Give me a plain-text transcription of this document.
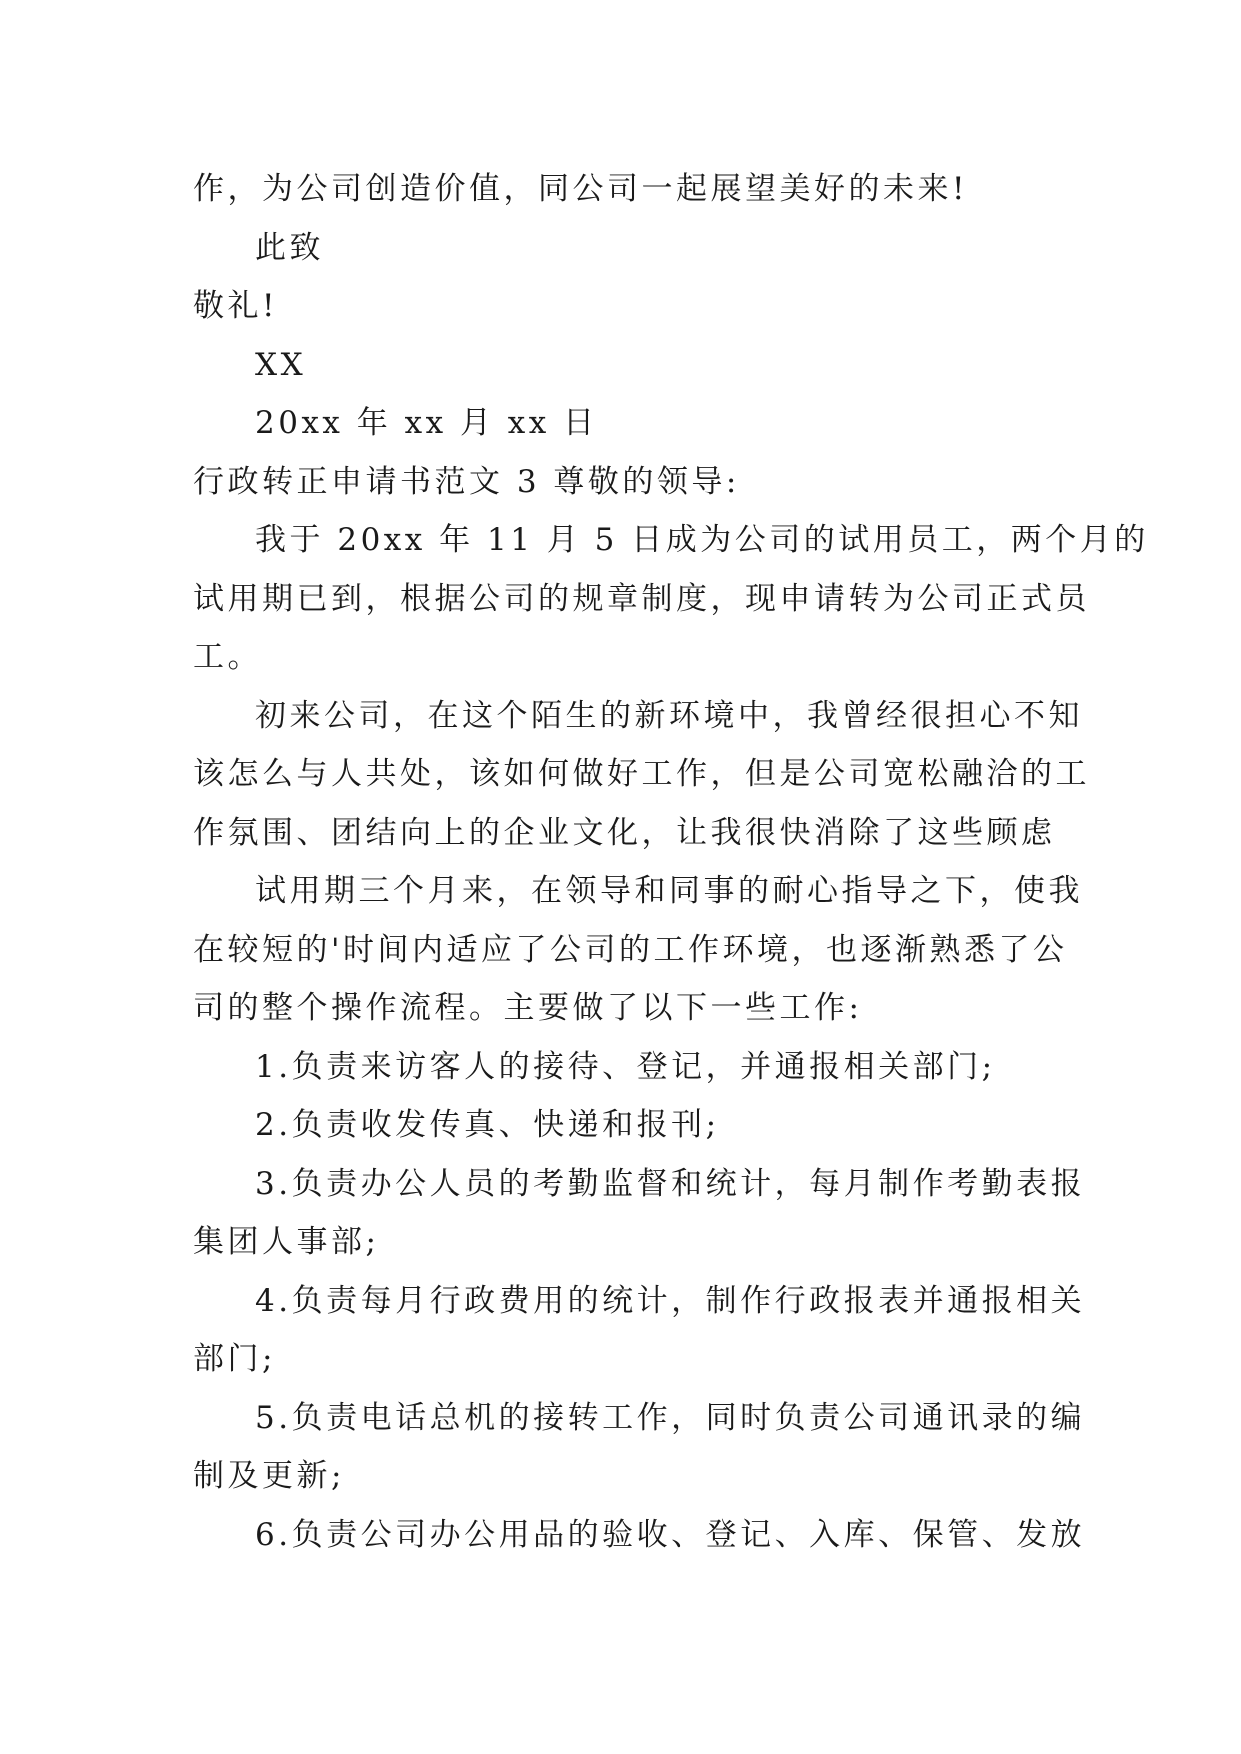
作，为公司创造价值，同公司一起展望美好的未来!
此致
敬礼!
XX
20xx 年 xx 月 xx 日
行政转正申请书范文 3 尊敬的领导:
我于 20xx 年 11 月 5 日成为公司的试用员工，两个月的
试用期已到，根据公司的规章制度，现申请转为公司正式员
工。
初来公司，在这个陌生的新环境中，我曾经很担心不知
该怎么与人共处，该如何做好工作，但是公司宽松融洽的工
作氛围、团结向上的企业文化，让我很快消除了这些顾虑
试用期三个月来，在领导和同事的耐心指导之下，使我
在较短的'时间内适应了公司的工作环境，也逐渐熟悉了公
司的整个操作流程。主要做了以下一些工作:
1.负责来访客人的接待、登记，并通报相关部门;
2.负责收发传真、快递和报刊;
3.负责办公人员的考勤监督和统计，每月制作考勤表报
集团人事部;
4.负责每月行政费用的统计，制作行政报表并通报相关
部门;
5.负责电话总机的接转工作，同时负责公司通讯录的编
制及更新;
6.负责公司办公用品的验收、登记、入库、保管、发放
